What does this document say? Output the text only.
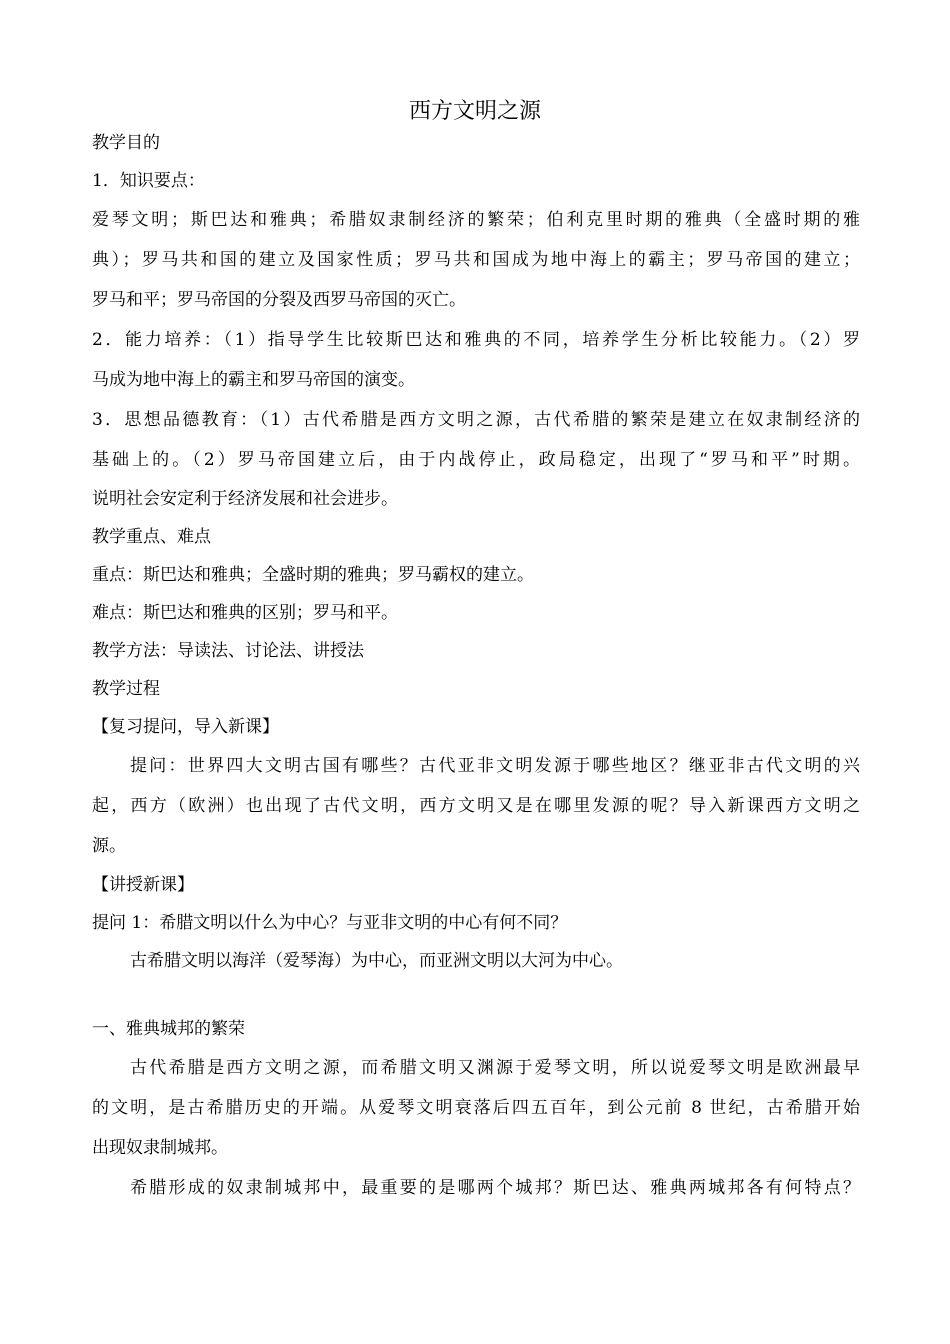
西方文明之源
教学目的
1．知识要点：
爱琴文明；斯巴达和雅典；希腊奴隶制经济的繁荣；伯利克里时期的雅典（全盛时期的雅
典）；罗马共和国的建立及国家性质；罗马共和国成为地中海上的霸主；罗马帝国的建立；
罗马和平；罗马帝国的分裂及西罗马帝国的灭亡。
2．能力培养：（1）指导学生比较斯巴达和雅典的不同，培养学生分析比较能力。（2）罗
马成为地中海上的霸主和罗马帝国的演变。
3．思想品德教育：（1）古代希腊是西方文明之源，古代希腊的繁荣是建立在奴隶制经济的
基础上的。（2）罗马帝国建立后，由于内战停止，政局稳定，出现了“罗马和平”时期。
说明社会安定利于经济发展和社会进步。
教学重点、难点
重点：斯巴达和雅典；全盛时期的雅典；罗马霸权的建立。
难点：斯巴达和雅典的区别；罗马和平。
教学方法：导读法、讨论法、讲授法
教学过程
【复习提问，导入新课】
提问：世界四大文明古国有哪些？古代亚非文明发源于哪些地区？继亚非古代文明的兴
起，西方（欧洲）也出现了古代文明，西方文明又是在哪里发源的呢？导入新课西方文明之
源。
【讲授新课】
提问 1：希腊文明以什么为中心？与亚非文明的中心有何不同？
古希腊文明以海洋（爱琴海）为中心，而亚洲文明以大河为中心。
一、雅典城邦的繁荣
古代希腊是西方文明之源，而希腊文明又渊源于爱琴文明，所以说爱琴文明是欧洲最早
的文明，是古希腊历史的开端。从爱琴文明衰落后四五百年，到公元前 8 世纪，古希腊开始
出现奴隶制城邦。
希腊形成的奴隶制城邦中，最重要的是哪两个城邦？斯巴达、雅典两城邦各有何特点？
